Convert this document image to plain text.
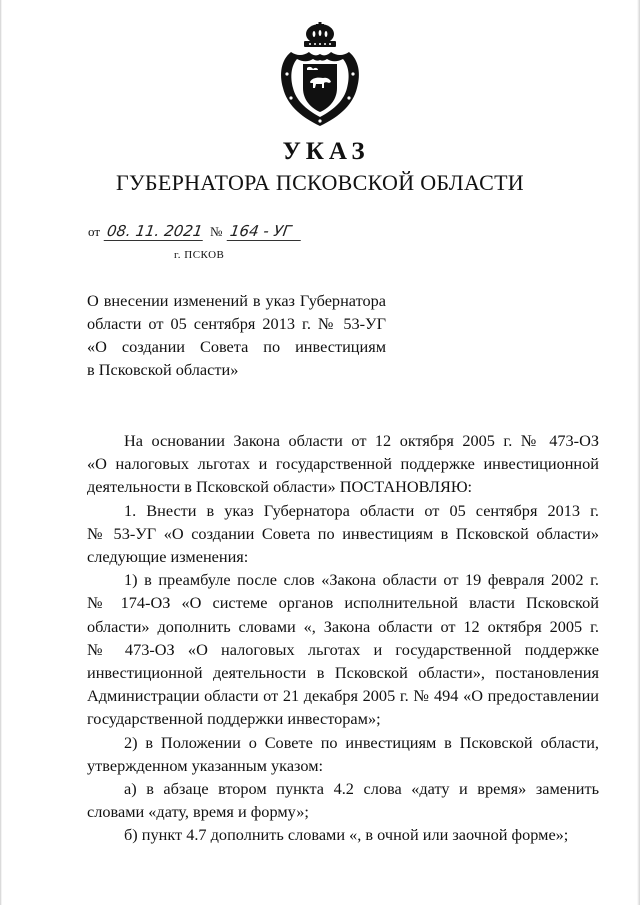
УКАЗ
ГУБЕРНАТОРА ПСКОВСКОЙ ОБЛАСТИ
от 08. 11. 2021 № 164 - УГ
г. ПСКОВ
О внесении изменений в указ Губернатора
области от 05 сентября 2013 г. № 53-УГ
«О создании Совета по инвестициям
в Псковской области»
На основании Закона области от 12 октября 2005 г. № 473-ОЗ
«О налоговых льготах и государственной поддержке инвестиционной
деятельности в Псковской области» ПОСТАНОВЛЯЮ:
1. Внести в указ Губернатора области от 05 сентября 2013 г.
№ 53-УГ «О создании Совета по инвестициям в Псковской области»
следующие изменения:
1) в преамбуле после слов «Закона области от 19 февраля 2002 г.
№ 174-ОЗ «О системе органов исполнительной власти Псковской
области» дополнить словами «, Закона области от 12 октября 2005 г.
№ 473-ОЗ «О налоговых льготах и государственной поддержке
инвестиционной деятельности в Псковской области», постановления
Администрации области от 21 декабря 2005 г. № 494 «О предоставлении
государственной поддержки инвесторам»;
2) в Положении о Совете по инвестициям в Псковской области,
утвержденном указанным указом:
а) в абзаце втором пункта 4.2 слова «дату и время» заменить
словами «дату, время и форму»;
б) пункт 4.7 дополнить словами «, в очной или заочной форме»;
